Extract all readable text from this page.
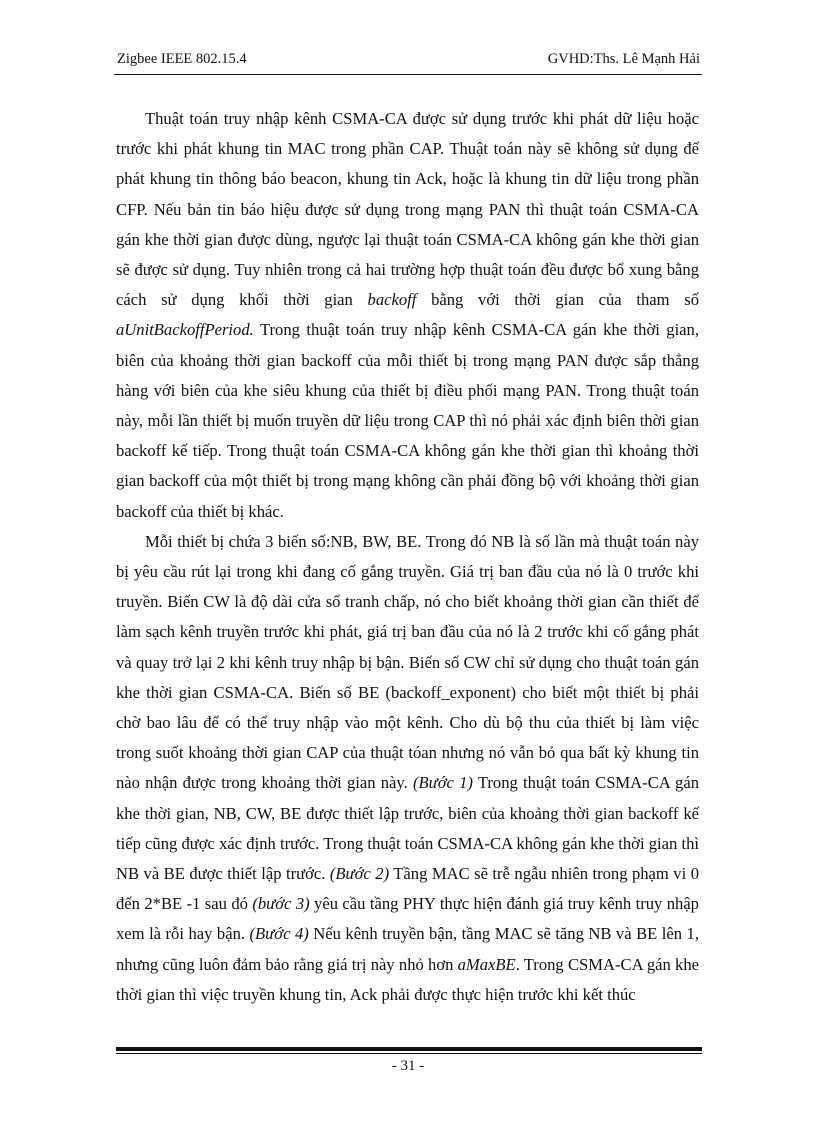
Zigbee IEEE 802.15.4	GVHD:Ths. Lê Mạnh Hải

Thuật toán truy nhập kênh CSMA-CA được sử dụng trước khi phát dữ liệu hoặc trước khi phát khung tin MAC trong phần CAP. Thuật toán này sẽ không sử dụng để phát khung tin thông báo beacon, khung tin Ack, hoặc là khung tin dữ liệu trong phần CFP. Nếu bản tin báo hiệu được sử dụng trong mạng PAN thì thuật toán CSMA-CA gán khe thời gian được dùng, ngược lại thuật toán CSMA-CA không gán khe thời gian sẽ được sử dụng. Tuy nhiên trong cả hai trường hợp thuật toán đều được bổ xung bằng cách sử dụng khối thời gian backoff bằng với thời gian của tham số aUnitBackoffPeriod. Trong thuật toán truy nhập kênh CSMA-CA gán khe thời gian, biên của khoảng thời gian backoff của mỗi thiết bị trong mạng PAN được sắp thẳng hàng với biên của khe siêu khung của thiết bị điều phối mạng PAN. Trong thuật toán này, mỗi lần thiết bị muốn truyền dữ liệu trong CAP thì nó phải xác định biên thời gian backoff kế tiếp. Trong thuật toán CSMA-CA không gán khe thời gian thì khoảng thời gian backoff của một thiết bị trong mạng không cần phải đồng bộ với khoảng thời gian backoff của thiết bị khác.

Mỗi thiết bị chứa 3 biến số:NB, BW, BE. Trong đó NB là số lần mà thuật toán này bị yêu cầu rút lại trong khi đang cố gắng truyền. Giá trị ban đầu của nó là 0 trước khi truyền. Biến CW là độ dài cửa sổ tranh chấp, nó cho biết khoảng thời gian cần thiết để làm sạch kênh truyền trước khi phát, giá trị ban đầu của nó là 2 trước khi cố gắng phát và quay trở lại 2 khi kênh truy nhập bị bận. Biến số CW chỉ sử dụng cho thuật toán gán khe thời gian CSMA-CA. Biến số BE (backoff_exponent) cho biết một thiết bị phải chờ bao lâu để có thể truy nhập vào một kênh. Cho dù bộ thu của thiết bị làm việc trong suốt khoảng thời gian CAP của thuật tóan nhưng nó vẫn bỏ qua bất kỳ khung tin nào nhận được trong khoảng thời gian này. (Bước 1) Trong thuật toán CSMA-CA gán khe thời gian, NB, CW, BE được thiết lập trước, biên của khoảng thời gian backoff kế tiếp cũng được xác định trước. Trong thuật toán CSMA-CA không gán khe thời gian thì NB và BE được thiết lập trước. (Bước 2) Tầng MAC sẽ trễ ngẫu nhiên trong phạm vi 0 đến 2*BE -1 sau đó (bước 3) yêu cầu tầng PHY thực hiện đánh giá truy kênh truy nhập xem là rỗi hay bận. (Bước 4) Nếu kênh truyền bận, tầng MAC sẽ tăng NB và BE lên 1, nhưng cũng luôn đảm bảo rằng giá trị này nhỏ hơn aMaxBE. Trong CSMA-CA gán khe thời gian thì việc truyền khung tin, Ack phải được thực hiện trước khi kết thúc

- 31 -
